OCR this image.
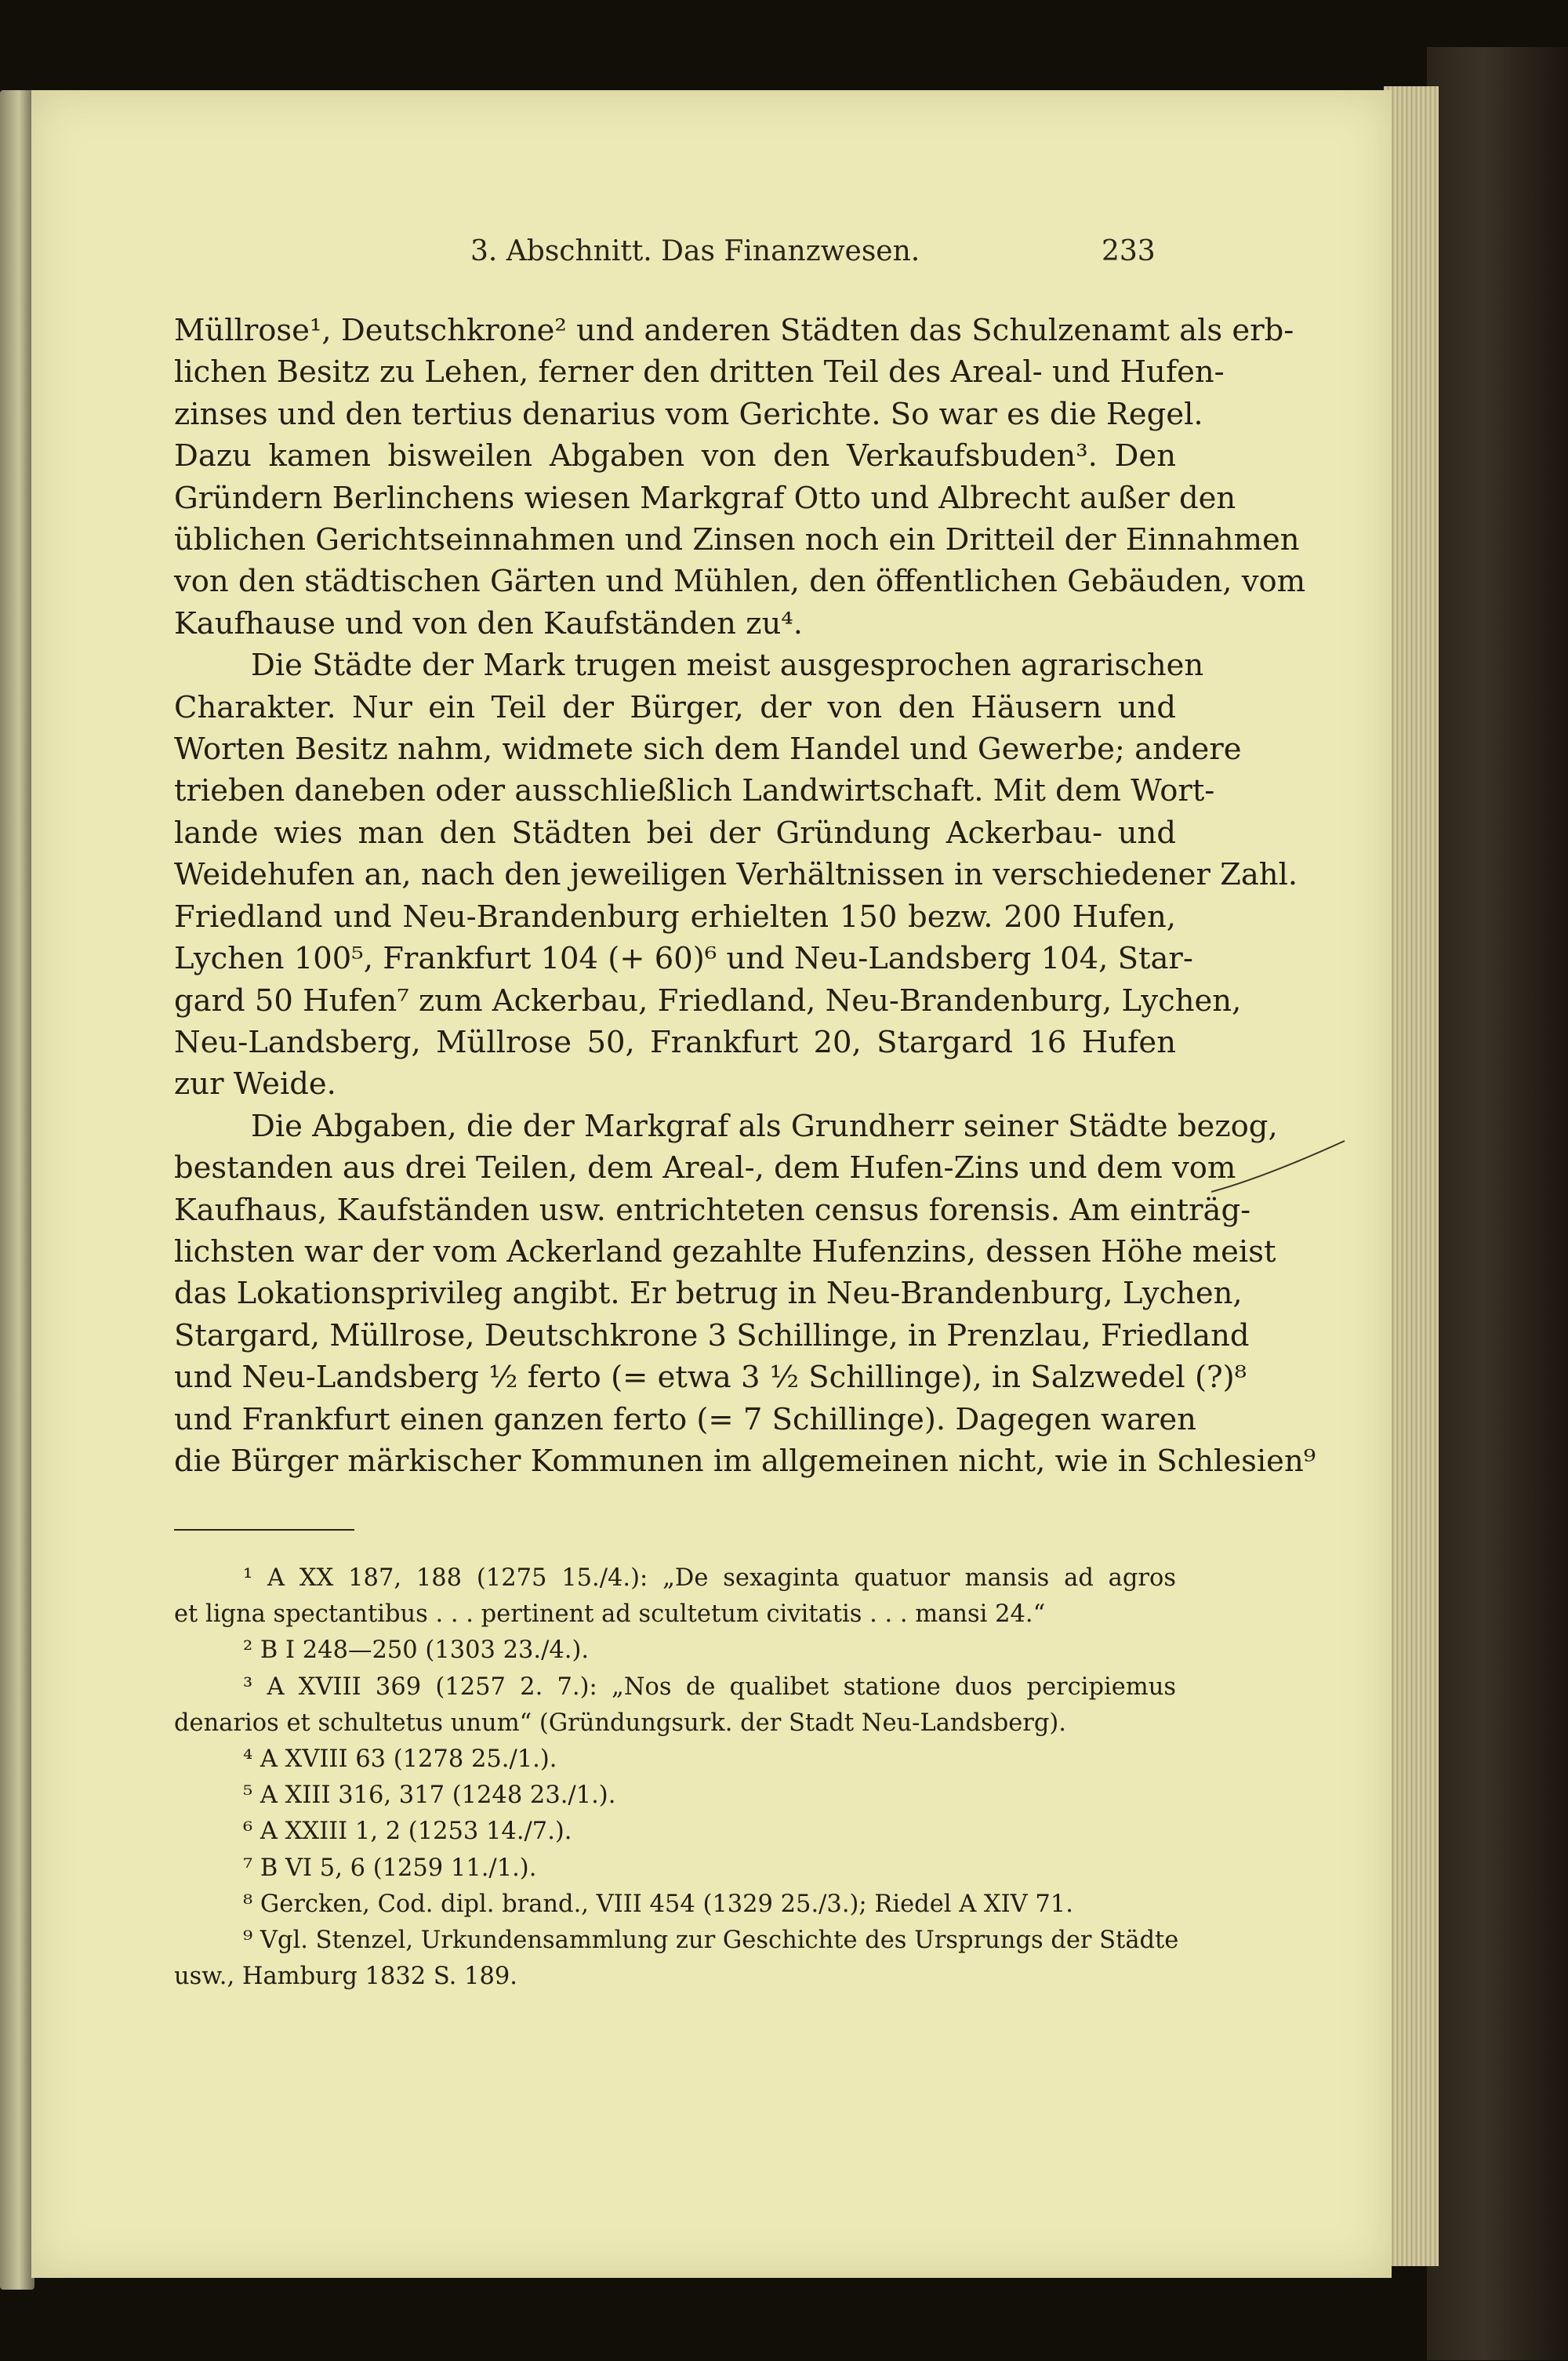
3. Abschnitt. Das Finanzwesen.	233
Müllrose¹, Deutschkrone² und anderen Städten das Schulzenamt als erb-
lichen Besitz zu Lehen, ferner den dritten Teil des Areal- und Hufen-
zinses und den tertius denarius vom Gerichte. So war es die Regel.
Dazu kamen bisweilen Abgaben von den Verkaufsbuden³. Den
Gründern Berlinchens wiesen Markgraf Otto und Albrecht außer den
üblichen Gerichtseinnahmen und Zinsen noch ein Dritteil der Einnahmen
von den städtischen Gärten und Mühlen, den öffentlichen Gebäuden, vom
Kaufhause und von den Kaufständen zu⁴.
Die Städte der Mark trugen meist ausgesprochen agrarischen
Charakter. Nur ein Teil der Bürger, der von den Häusern und
Worten Besitz nahm, widmete sich dem Handel und Gewerbe; andere
trieben daneben oder ausschließlich Landwirtschaft. Mit dem Wort-
lande wies man den Städten bei der Gründung Ackerbau- und
Weidehufen an, nach den jeweiligen Verhältnissen in verschiedener Zahl.
Friedland und Neu-Brandenburg erhielten 150 bezw. 200 Hufen,
Lychen 100⁵, Frankfurt 104 (+ 60)⁶ und Neu-Landsberg 104, Star-
gard 50 Hufen⁷ zum Ackerbau, Friedland, Neu-Brandenburg, Lychen,
Neu-Landsberg, Müllrose 50, Frankfurt 20, Stargard 16 Hufen
zur Weide.
Die Abgaben, die der Markgraf als Grundherr seiner Städte bezog,
bestanden aus drei Teilen, dem Areal-, dem Hufen-Zins und dem vom
Kaufhaus, Kaufständen usw. entrichteten census forensis. Am einträg-
lichsten war der vom Ackerland gezahlte Hufenzins, dessen Höhe meist
das Lokationsprivileg angibt. Er betrug in Neu-Brandenburg, Lychen,
Stargard, Müllrose, Deutschkrone 3 Schillinge, in Prenzlau, Friedland
und Neu-Landsberg ½ ferto (= etwa 3 ½ Schillinge), in Salzwedel (?)⁸
und Frankfurt einen ganzen ferto (= 7 Schillinge). Dagegen waren
die Bürger märkischer Kommunen im allgemeinen nicht, wie in Schlesien⁹
¹ A XX 187, 188 (1275 15./4.): „De sexaginta quatuor mansis ad agros
et ligna spectantibus . . . pertinent ad scultetum civitatis . . . mansi 24.“
² B I 248—250 (1303 23./4.).
³ A XVIII 369 (1257 2. 7.): „Nos de qualibet statione duos percipiemus
denarios et schultetus unum“ (Gründungsurk. der Stadt Neu-Landsberg).
⁴ A XVIII 63 (1278 25./1.).
⁵ A XIII 316, 317 (1248 23./1.).
⁶ A XXIII 1, 2 (1253 14./7.).
⁷ B VI 5, 6 (1259 11./1.).
⁸ Gercken, Cod. dipl. brand., VIII 454 (1329 25./3.); Riedel A XIV 71.
⁹ Vgl. Stenzel, Urkundensammlung zur Geschichte des Ursprungs der Städte
usw., Hamburg 1832 S. 189.
